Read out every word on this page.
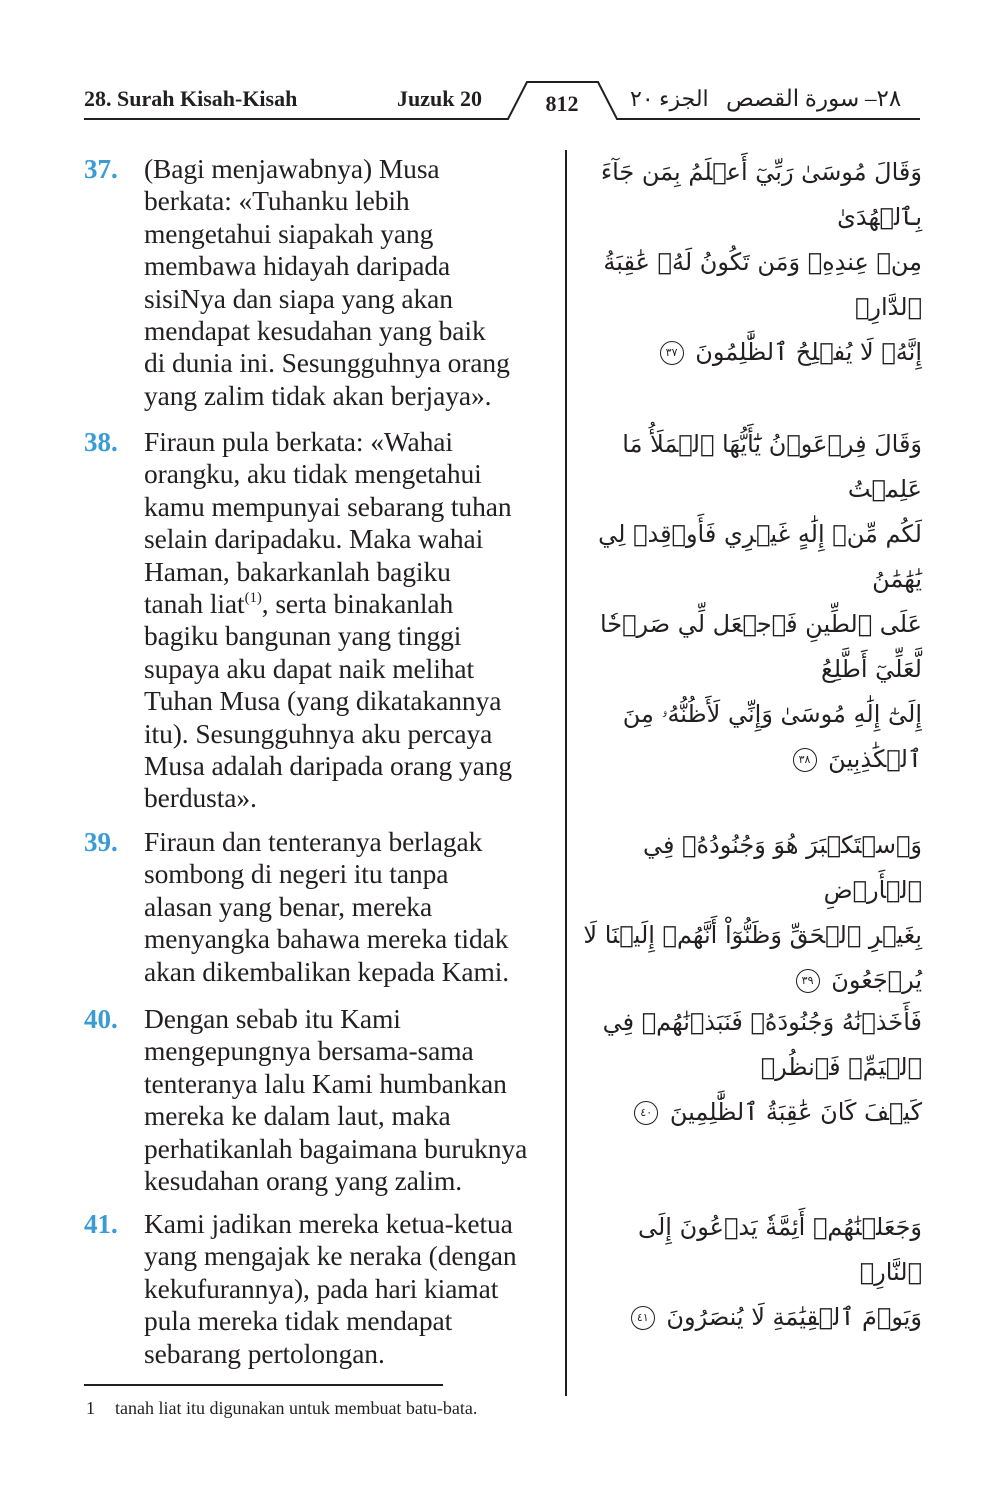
28. Surah Kisah-Kisah	Juzuk 20	812	الجزء ٢٠ ٢٨– سورة القصص
37. (Bagi menjawabnya) Musa
berkata: «Tuhanku lebih
mengetahui siapakah yang
membawa hidayah daripada
sisiNya dan siapa yang akan
mendapat kesudahan yang baik
di dunia ini. Sesungguhnya orang
yang zalim tidak akan berjaya».
وَقَالَ مُوسَىٰ رَبِّيٓ أَعۡلَمُ بِمَن جَآءَ بِٱلۡهُدَىٰ
مِنۡ عِندِهِۦ وَمَن تَكُونُ لَهُۥ عَٰقِبَةُ ٱلدَّارِۖ
إِنَّهُۥ لَا يُفۡلِحُ ٱلظَّٰلِمُونَ ٣٧
38. Firaun pula berkata: «Wahai
orangku, aku tidak mengetahui
kamu mempunyai sebarang tuhan
selain daripadaku. Maka wahai
Haman, bakarkanlah bagiku
tanah liat$^{(1)}$, serta binakanlah
bagiku bangunan yang tinggi
supaya aku dapat naik melihat
Tuhan Musa (yang dikatakannya
itu). Sesungguhnya aku percaya
Musa adalah daripada orang yang
berdusta».
وَقَالَ فِرۡعَوۡنُ يَٰٓأَيُّهَا ٱلۡمَلَأُ مَا عَلِمۡتُ
لَكُم مِّنۡ إِلَٰهٍ غَيۡرِي فَأَوۡقِدۡ لِي يَٰهَٰمَٰنُ
عَلَى ٱلطِّينِ فَٱجۡعَل لِّي صَرۡحٗا لَّعَلِّيٓ أَطَّلِعُ
إِلَىٰٓ إِلَٰهِ مُوسَىٰ وَإِنِّي لَأَظُنُّهُۥ مِنَ
ٱلۡكَٰذِبِينَ ٣٨
39. Firaun dan tenteranya berlagak
sombong di negeri itu tanpa
alasan yang benar, mereka
menyangka bahawa mereka tidak
akan dikembalikan kepada Kami.
وَٱسۡتَكۡبَرَ هُوَ وَجُنُودُهُۥ فِي ٱلۡأَرۡضِ
بِغَيۡرِ ٱلۡحَقِّ وَظَنُّوٓاْ أَنَّهُمۡ إِلَيۡنَا لَا يُرۡجَعُونَ ٣٩
40. Dengan sebab itu Kami
mengepungnya bersama-sama
tenteranya lalu Kami humbankan
mereka ke dalam laut, maka
perhatikanlah bagaimana buruknya
kesudahan orang yang zalim.
فَأَخَذۡنَٰهُ وَجُنُودَهُۥ فَنَبَذۡنَٰهُمۡ فِي ٱلۡيَمِّۖ فَٱنظُرۡ
كَيۡفَ كَانَ عَٰقِبَةُ ٱلظَّٰلِمِينَ ٤٠
41. Kami jadikan mereka ketua-ketua
yang mengajak ke neraka (dengan
kekufurannya), pada hari kiamat
pula mereka tidak mendapat
sebarang pertolongan.
وَجَعَلۡنَٰهُمۡ أَئِمَّةٗ يَدۡعُونَ إِلَى ٱلنَّارِۖ
وَيَوۡمَ ٱلۡقِيَٰمَةِ لَا يُنصَرُونَ ٤١
1 tanah liat itu digunakan untuk membuat batu-bata.
